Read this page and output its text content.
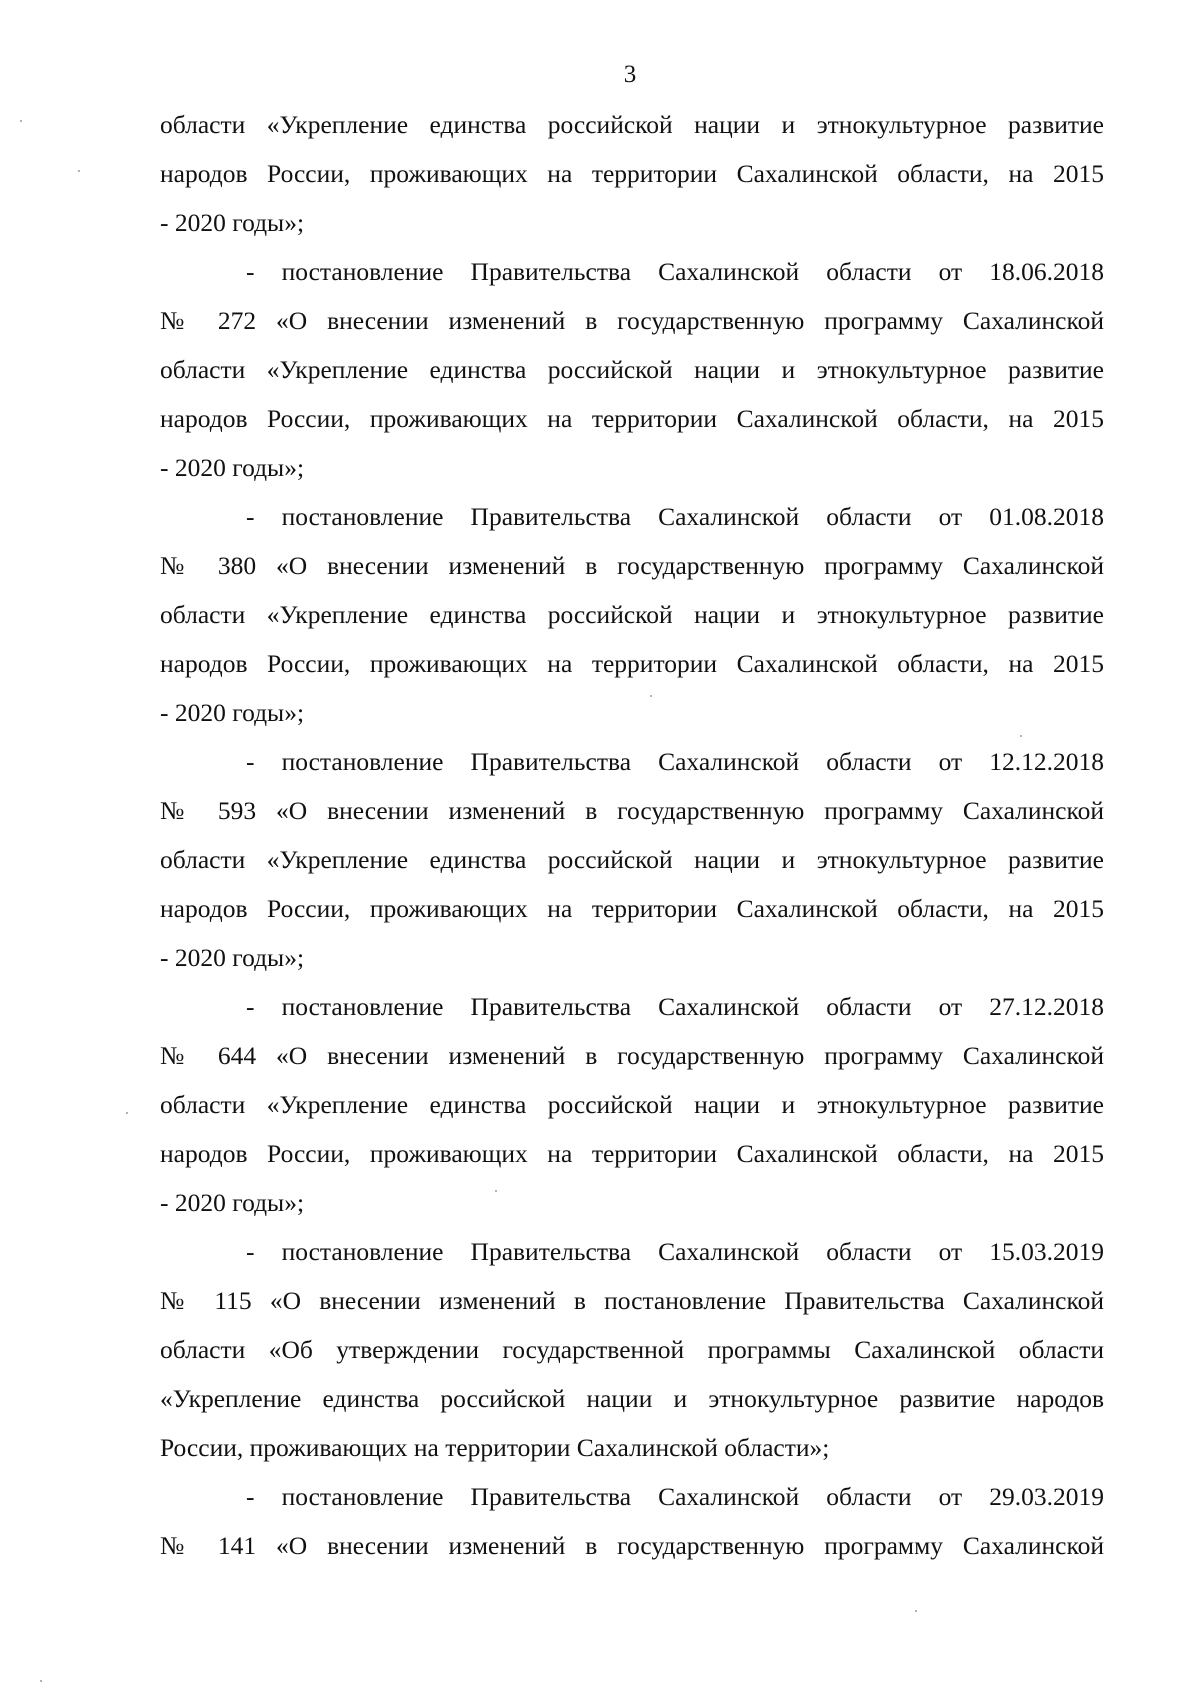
3
области «Укрепление единства российской нации и этнокультурное развитие
народов России, проживающих на территории Сахалинской области, на 2015
- 2020 годы»;
- постановление Правительства Сахалинской области от 18.06.2018
№ 272 «О внесении изменений в государственную программу Сахалинской
области «Укрепление единства российской нации и этнокультурное развитие
народов России, проживающих на территории Сахалинской области, на 2015
- 2020 годы»;
- постановление Правительства Сахалинской области от 01.08.2018
№ 380 «О внесении изменений в государственную программу Сахалинской
области «Укрепление единства российской нации и этнокультурное развитие
народов России, проживающих на территории Сахалинской области, на 2015
- 2020 годы»;
- постановление Правительства Сахалинской области от 12.12.2018
№ 593 «О внесении изменений в государственную программу Сахалинской
области «Укрепление единства российской нации и этнокультурное развитие
народов России, проживающих на территории Сахалинской области, на 2015
- 2020 годы»;
- постановление Правительства Сахалинской области от 27.12.2018
№ 644 «О внесении изменений в государственную программу Сахалинской
области «Укрепление единства российской нации и этнокультурное развитие
народов России, проживающих на территории Сахалинской области, на 2015
- 2020 годы»;
- постановление Правительства Сахалинской области от 15.03.2019
№ 115 «О внесении изменений в постановление Правительства Сахалинской
области «Об утверждении государственной программы Сахалинской области
«Укрепление единства российской нации и этнокультурное развитие народов
России, проживающих на территории Сахалинской области»;
- постановление Правительства Сахалинской области от 29.03.2019
№ 141 «О внесении изменений в государственную программу Сахалинской
